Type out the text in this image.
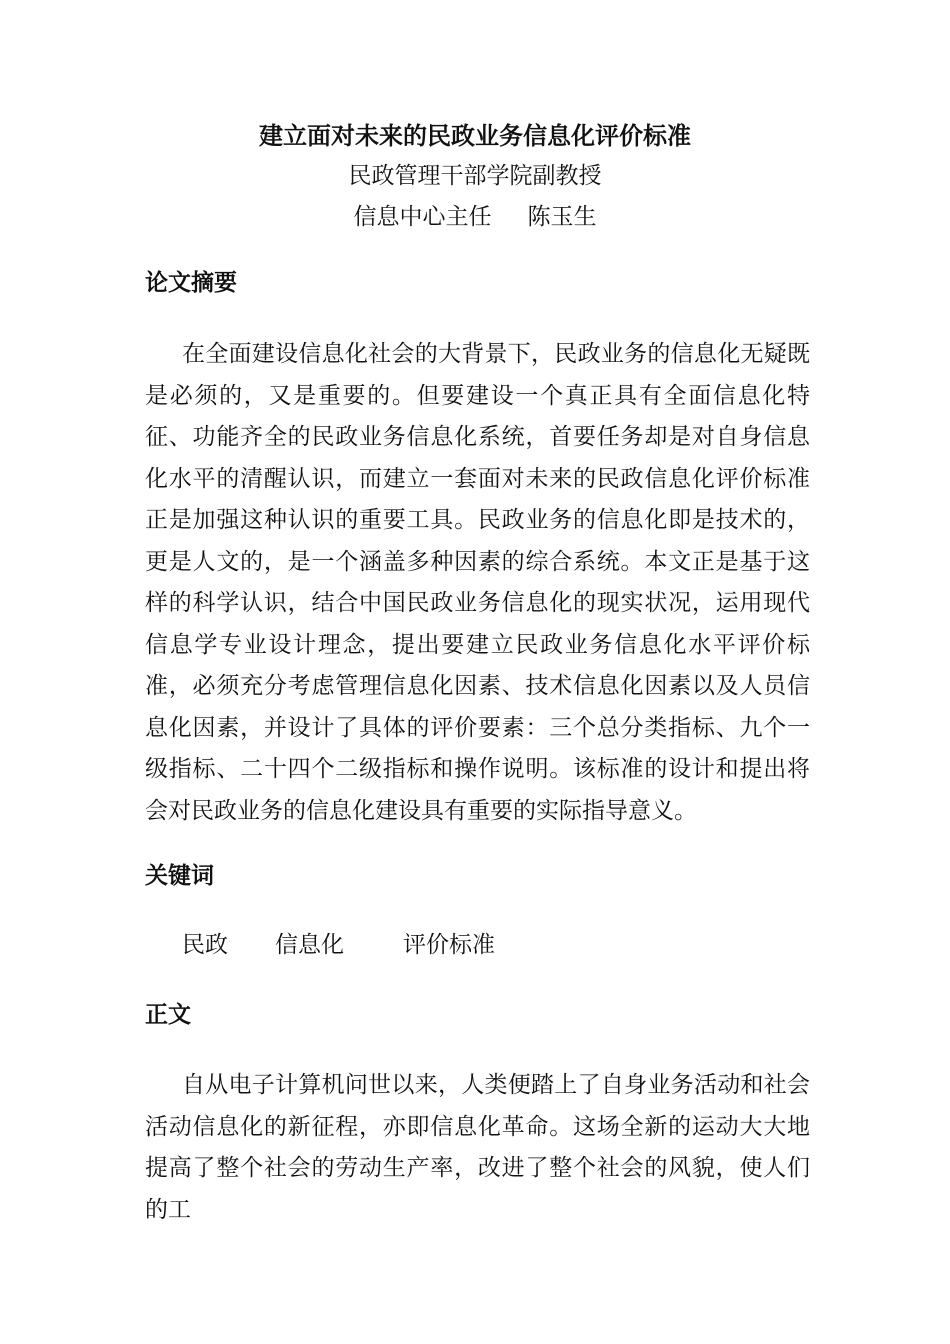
建立面对未来的民政业务信息化评价标准
民政管理干部学院副教授
信息中心主任 陈玉生
论文摘要
在全面建设信息化社会的大背景下，民政业务的信息化无疑既是必须的，又是重要的。但要建设一个真正具有全面信息化特征、功能齐全的民政业务信息化系统，首要任务却是对自身信息化水平的清醒认识，而建立一套面对未来的民政信息化评价标准正是加强这种认识的重要工具。民政业务的信息化即是技术的，更是人文的，是一个涵盖多种因素的综合系统。本文正是基于这样的科学认识，结合中国民政业务信息化的现实状况，运用现代信息学专业设计理念，提出要建立民政业务信息化水平评价标准，必须充分考虑管理信息化因素、技术信息化因素以及人员信息化因素，并设计了具体的评价要素：三个总分类指标、九个一级指标、二十四个二级指标和操作说明。该标准的设计和提出将会对民政业务的信息化建设具有重要的实际指导意义。
关键词
民政 信息化	评价标准
正文
自从电子计算机问世以来，人类便踏上了自身业务活动和社会活动信息化的新征程，亦即信息化革命。这场全新的运动大大地提高了整个社会的劳动生产率，改进了整个社会的风貌，使人们的工
